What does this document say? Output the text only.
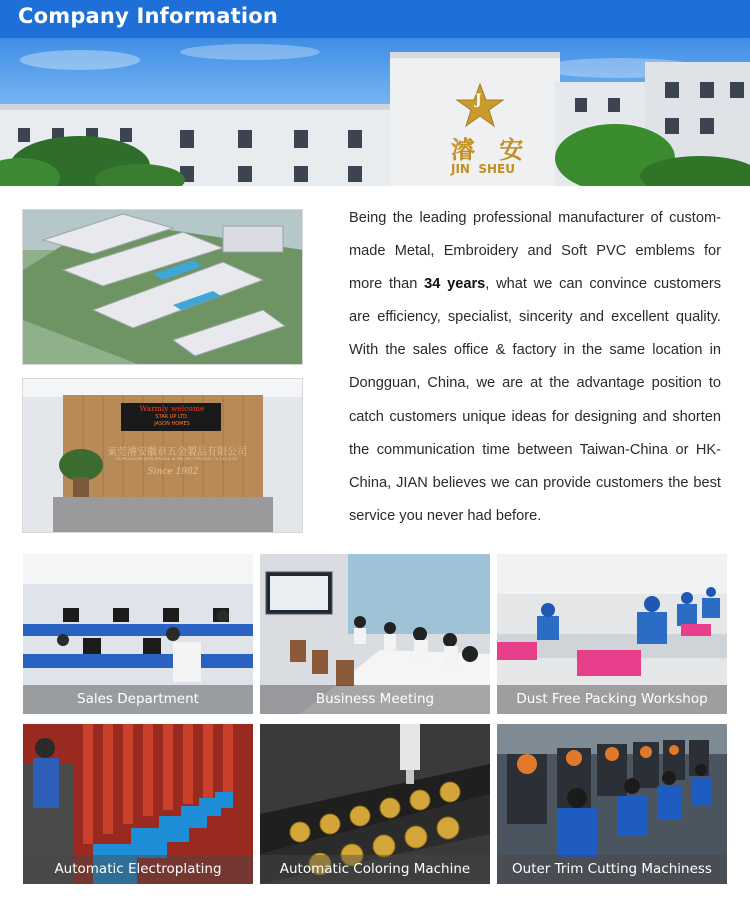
Company Information
J
濬 安
JIN  SHEU
Warmly welcome
STAR UP LTD.
JASON HOMES
東莞濬安徽章五金製品有限公司
DONGGUAN JIAN BADGE & METAL PRODUCTS CO.,LTD.
Since 1982
Being the leading professional manufacturer of custom-made Metal, Embroidery and Soft PVC emblems for more than 34 years, what we can convince customers are efficiency, specialist, sincerity and excellent quality. With the sales office & factory in the same location in Dongguan, China, we are at the advantage position to catch customers unique ideas for designing and shorten the communication time between Taiwan-China or HK-China, JIAN believes we can provide customers the best service you never had before.
Sales Department	Business Meeting	Dust Free Packing Workshop
Automatic Electroplating	Automatic Coloring Machine	Outer Trim Cutting Machiness
